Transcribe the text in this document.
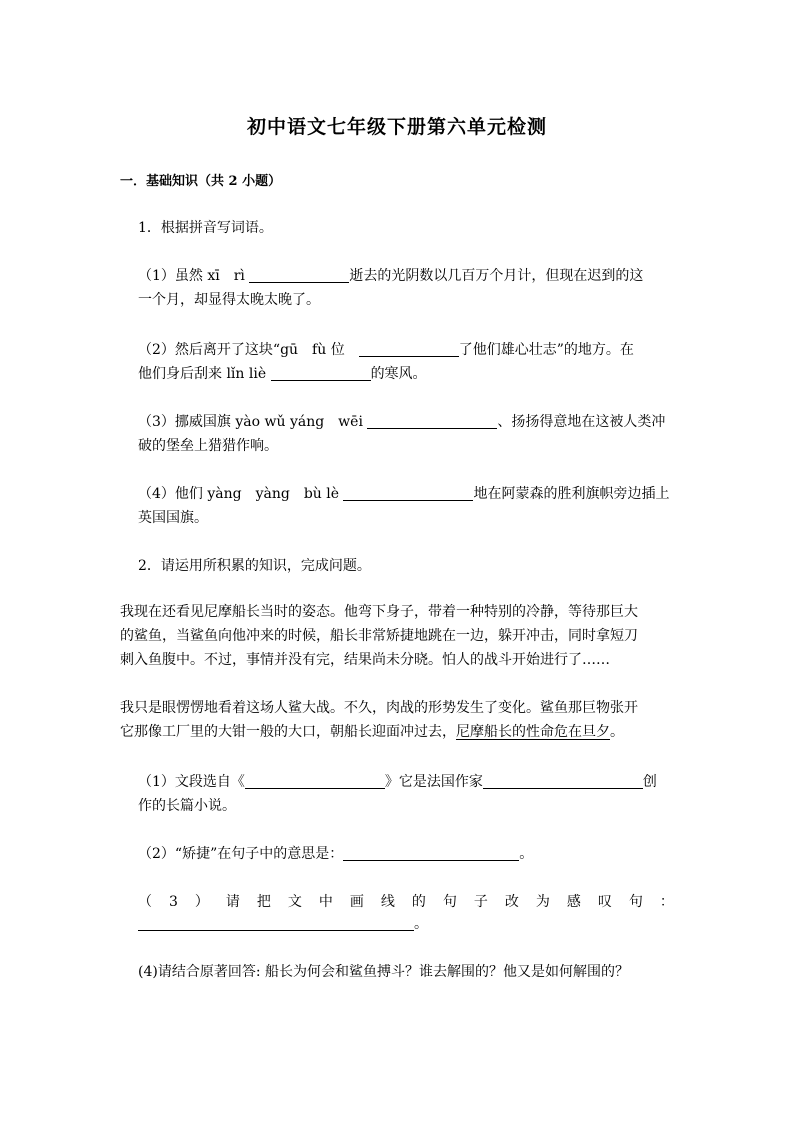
初中语文七年级下册第六单元检测
一．基础知识（共 2 小题）
1．根据拼音写词语。
（1）虽然 xī　rì	逝去的光阴数以几百万个月计，但现在迟到的这
一个月，却显得太晚太晚了。
（2）然后离开了这块“gū　fù 位　	了他们雄心壮志”的地方。在
他们身后刮来 lǐn liè	的寒风。
（3）挪威国旗 yào wǔ yáng　wēi	、扬扬得意地在这被人类冲
破的堡垒上猎猎作响。
（4）他们 yàng　yàng　bù lè	地在阿蒙森的胜利旗帜旁边插上
英国国旗。
2．请运用所积累的知识，完成问题。
我现在还看见尼摩船长当时的姿态。他弯下身子，带着一种特别的冷静，等待那巨大
的鲨鱼，当鲨鱼向他冲来的时候，船长非常矫捷地跳在一边，躲开冲击，同时拿短刀
刺入鱼腹中。不过，事情并没有完，结果尚未分晓。怕人的战斗开始进行了……
我只是眼愣愣地看着这场人鲨大战。不久，肉战的形势发生了变化。鲨鱼那巨物张开
它那像工厂里的大钳一般的大口，朝船长迎面冲过去，尼摩船长的性命危在旦夕。
（1）文段选自《	》它是法国作家	创
作的长篇小说。
（2）“矫捷”在句子中的意思是：	。
（ 3 ） 请 把 文 中 画 线 的 句 子 改 为 感 叹 句 ：
。
(4)请结合原著回答: 船长为何会和鲨鱼搏斗？谁去解围的？他又是如何解围的？
